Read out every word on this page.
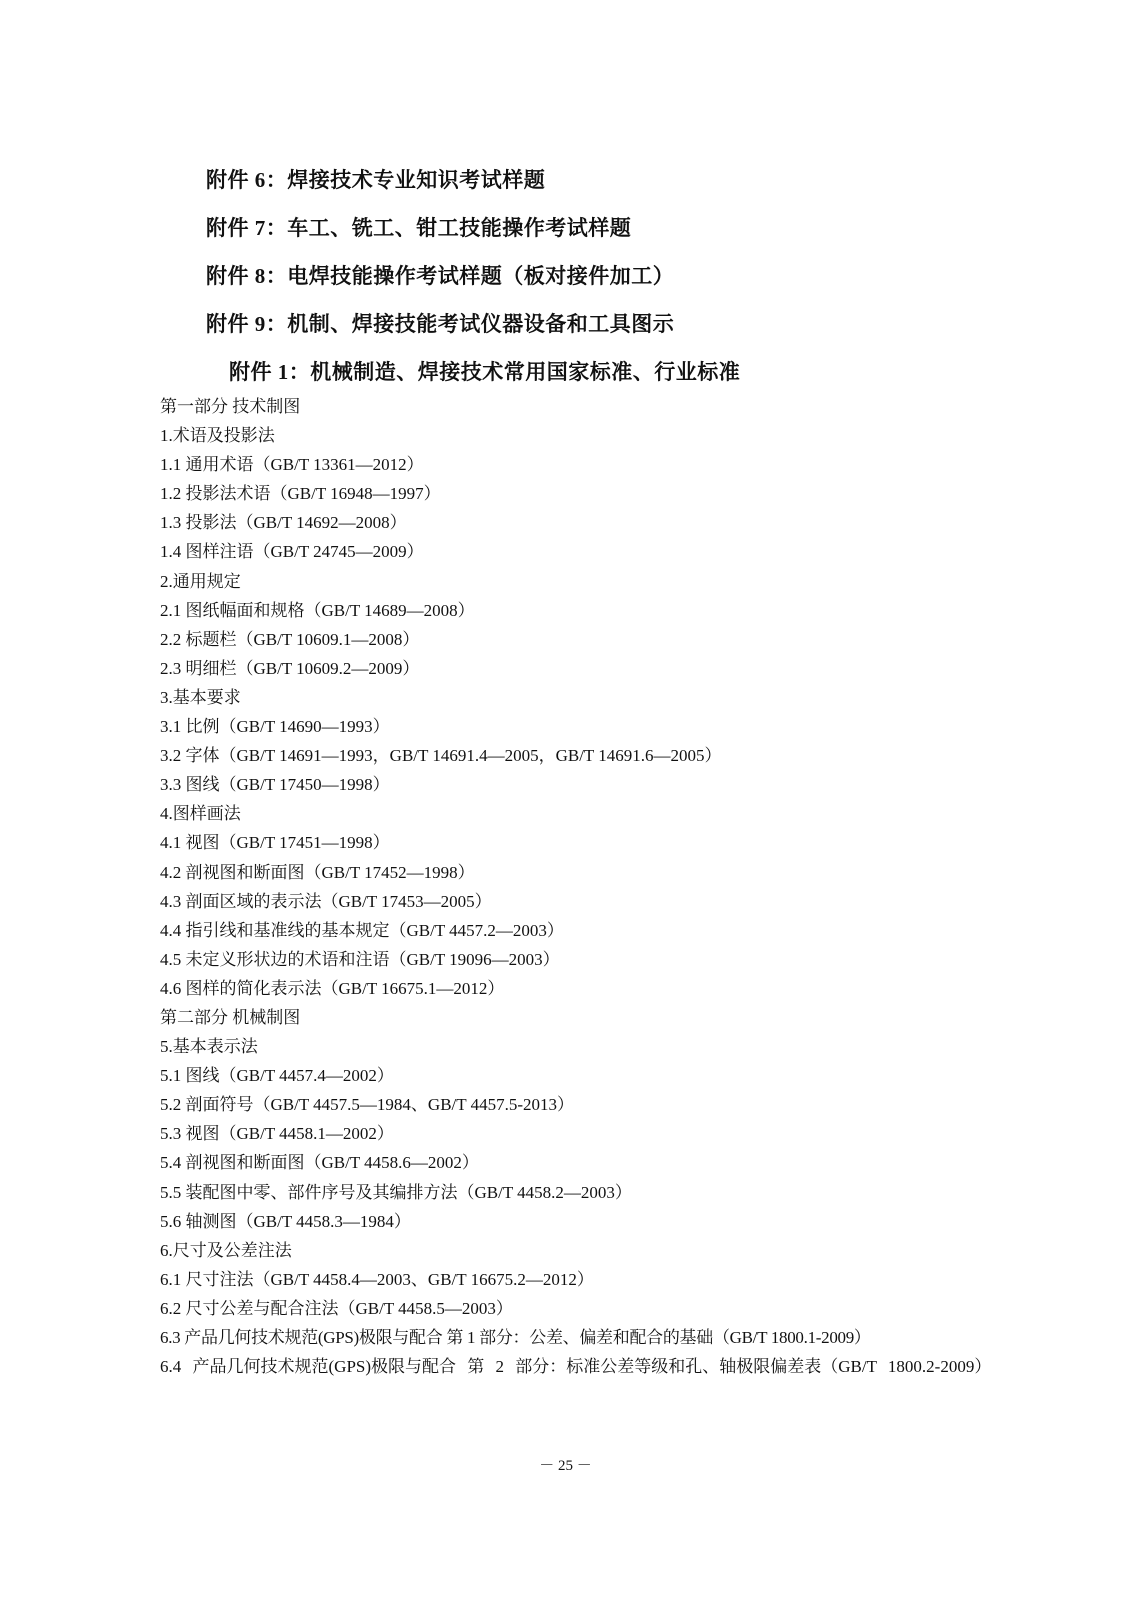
附件 6：焊接技术专业知识考试样题
附件 7：车工、铣工、钳工技能操作考试样题
附件 8：电焊技能操作考试样题（板对接件加工）
附件 9：机制、焊接技能考试仪器设备和工具图示
附件 1：机械制造、焊接技术常用国家标准、行业标准
第一部分 技术制图
1.术语及投影法
1.1 通用术语（GB/T 13361—2012）
1.2 投影法术语（GB/T 16948—1997）
1.3 投影法（GB/T 14692—2008）
1.4 图样注语（GB/T 24745—2009）
2.通用规定
2.1 图纸幅面和规格（GB/T 14689—2008）
2.2 标题栏（GB/T 10609.1—2008）
2.3 明细栏（GB/T 10609.2—2009）
3.基本要求
3.1 比例（GB/T 14690—1993）
3.2 字体（GB/T 14691—1993，GB/T 14691.4—2005，GB/T 14691.6—2005）
3.3 图线（GB/T 17450—1998）
4.图样画法
4.1 视图（GB/T 17451—1998）
4.2 剖视图和断面图（GB/T 17452—1998）
4.3 剖面区域的表示法（GB/T 17453—2005）
4.4 指引线和基准线的基本规定（GB/T 4457.2—2003）
4.5 未定义形状边的术语和注语（GB/T 19096—2003）
4.6 图样的简化表示法（GB/T 16675.1—2012）
第二部分 机械制图
5.基本表示法
5.1 图线（GB/T 4457.4—2002）
5.2 剖面符号（GB/T 4457.5—1984、GB/T 4457.5-2013）
5.3 视图（GB/T 4458.1—2002）
5.4 剖视图和断面图（GB/T 4458.6—2002）
5.5 装配图中零、部件序号及其编排方法（GB/T 4458.2—2003）
5.6 轴测图（GB/T 4458.3—1984）
6.尺寸及公差注法
6.1 尺寸注法（GB/T 4458.4—2003、GB/T 16675.2—2012）
6.2 尺寸公差与配合注法（GB/T 4458.5—2003）
6.3 产品几何技术规范(GPS)极限与配合 第 1 部分：公差、偏差和配合的基础（GB/T 1800.1-2009）
6.4 产品几何技术规范(GPS)极限与配合 第 2 部分：标准公差等级和孔、轴极限偏差表（GB/T 1800.2-2009）
－ 25 －
